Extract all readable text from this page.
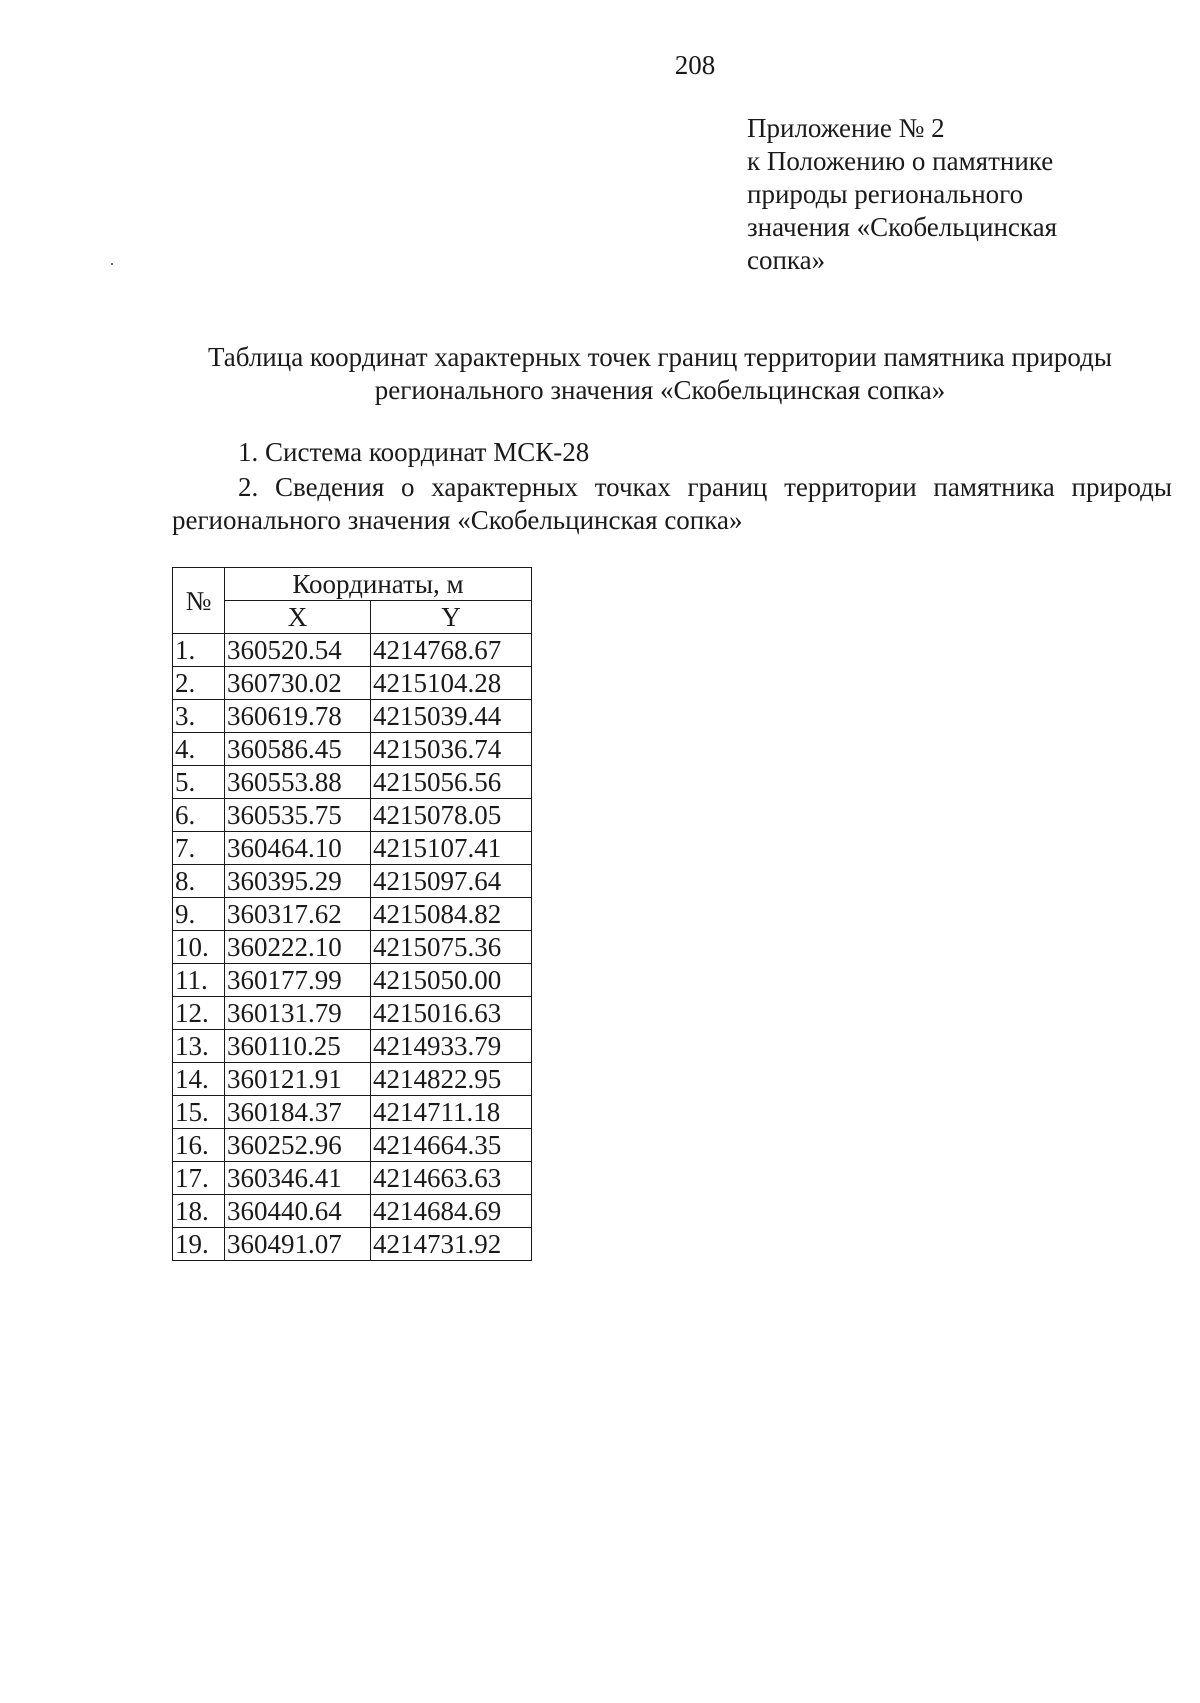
208
Приложение № 2
к Положению о памятнике
природы регионального
значения «Скобельцинская
сопка»
Таблица координат характерных точек границ территории памятника природы
регионального значения «Скобельцинская сопка»
1. Система координат МСК-28
2. Сведения о характерных точках границ территории памятника природы
регионального значения «Скобельцинская сопка»
№	Координаты, м	
	X	Y
1.	360520.54	4214768.67
2.	360730.02	4215104.28
3.	360619.78	4215039.44
4.	360586.45	4215036.74
5.	360553.88	4215056.56
6.	360535.75	4215078.05
7.	360464.10	4215107.41
8.	360395.29	4215097.64
9.	360317.62	4215084.82
10.	360222.10	4215075.36
11.	360177.99	4215050.00
12.	360131.79	4215016.63
13.	360110.25	4214933.79
14.	360121.91	4214822.95
15.	360184.37	4214711.18
16.	360252.96	4214664.35
17.	360346.41	4214663.63
18.	360440.64	4214684.69
19.	360491.07	4214731.92
